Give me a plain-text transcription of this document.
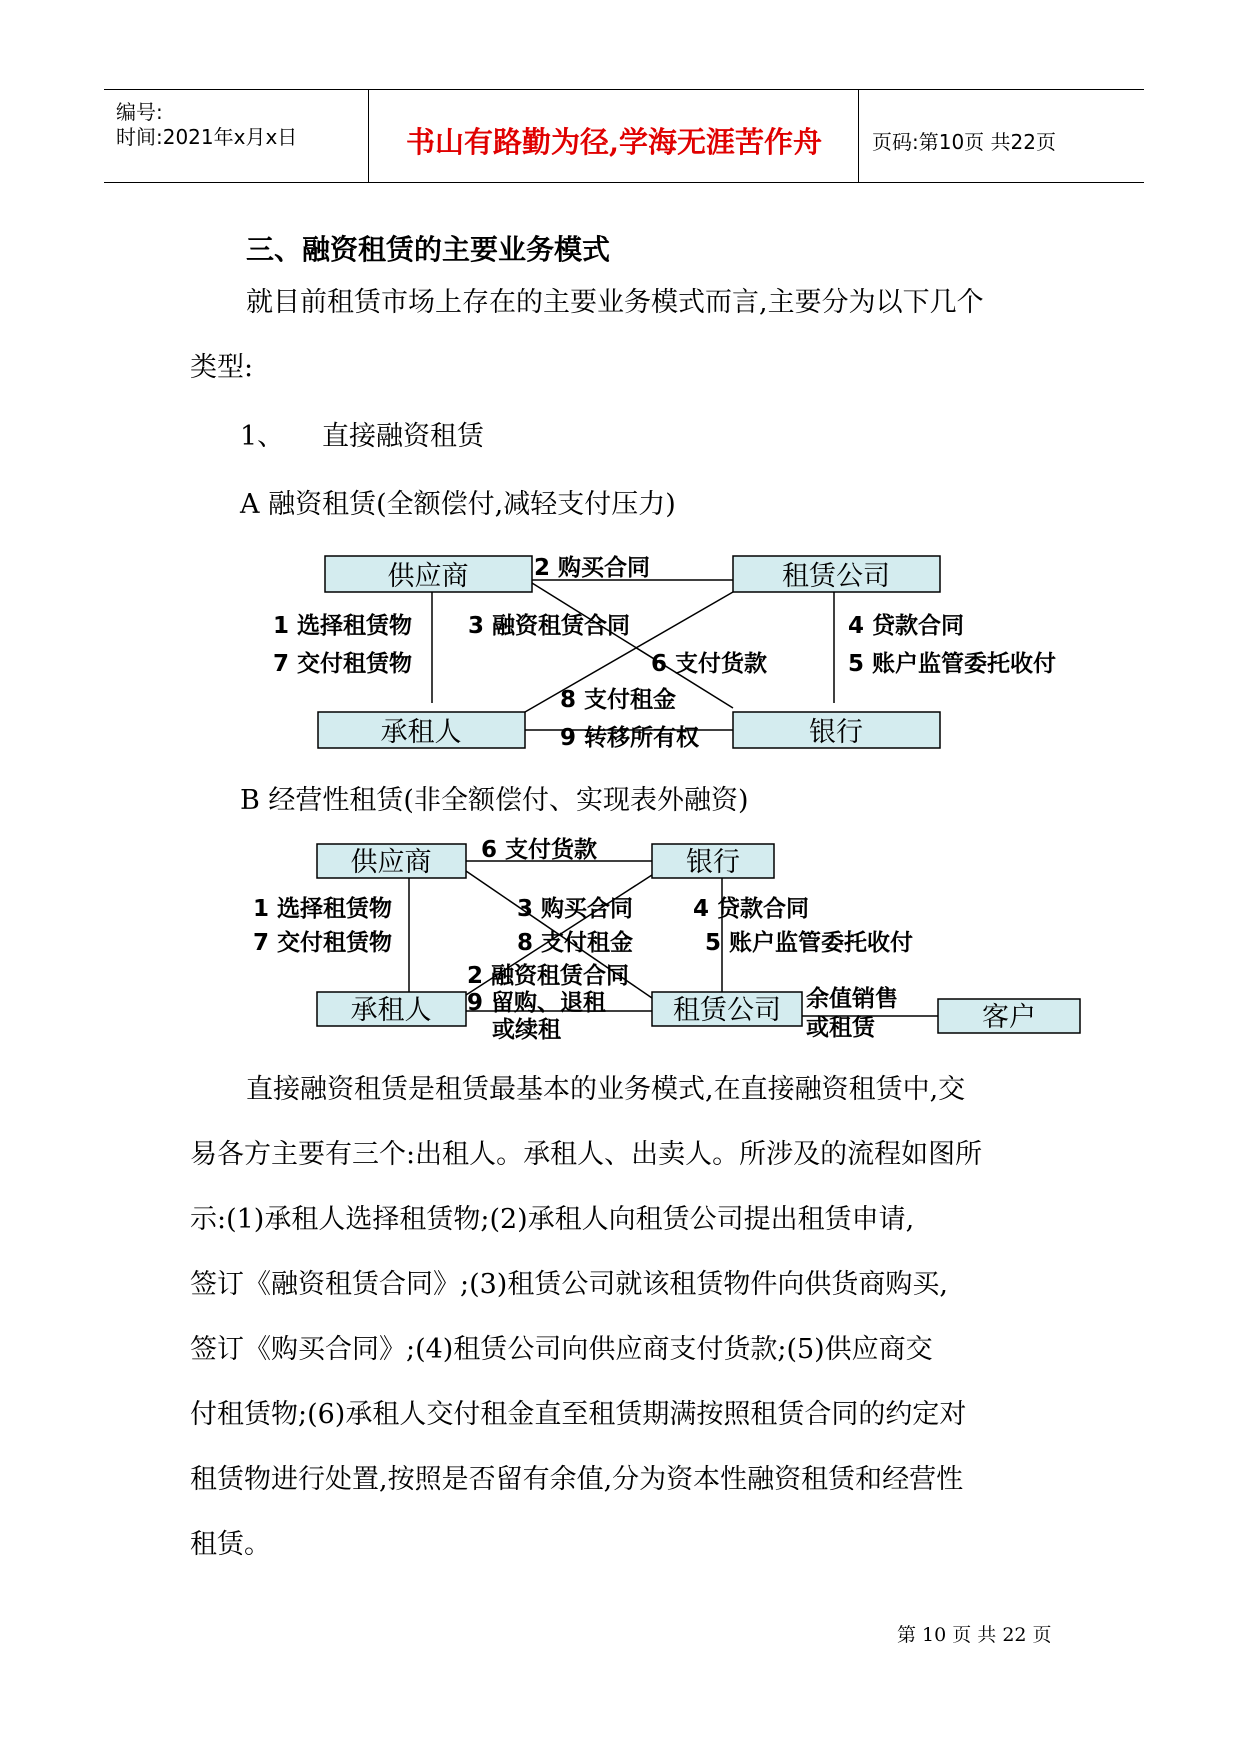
编号:
时间:2021年x月x日	书山有路勤为径,学海无涯苦作舟	页码:第10页 共22页
三、融资租赁的主要业务模式
就目前租赁市场上存在的主要业务模式而言,主要分为以下几个
类型:
1、 直接融资租赁
A 融资租赁(全额偿付,减轻支付压力)
供应商	租赁公司
承租人	银行
2 购买合同
1 选择租赁物
7 交付租赁物
3 融资租赁合同
6 支付货款
4 贷款合同
5 账户监管委托收付
8 支付租金
9 转移所有权
B 经营性租赁(非全额偿付、实现表外融资)
供应商	银行
承租人	租赁公司	客户
6 支付货款
1 选择租赁物
7 交付租赁物
3 购买合同
8 支付租金
4 贷款合同
5 账户监管委托收付
2 融资租赁合同
9 留购、退租
或续租
余值销售
或租赁
直接融资租赁是租赁最基本的业务模式,在直接融资租赁中,交
易各方主要有三个:出租人。承租人、出卖人。所涉及的流程如图所
示:(1)承租人选择租赁物;(2)承租人向租赁公司提出租赁申请,
签订《融资租赁合同》;(3)租赁公司就该租赁物件向供货商购买,
签订《购买合同》;(4)租赁公司向供应商支付货款;(5)供应商交
付租赁物;(6)承租人交付租金直至租赁期满按照租赁合同的约定对
租赁物进行处置,按照是否留有余值,分为资本性融资租赁和经营性
租赁。
第 10 页 共 22 页
